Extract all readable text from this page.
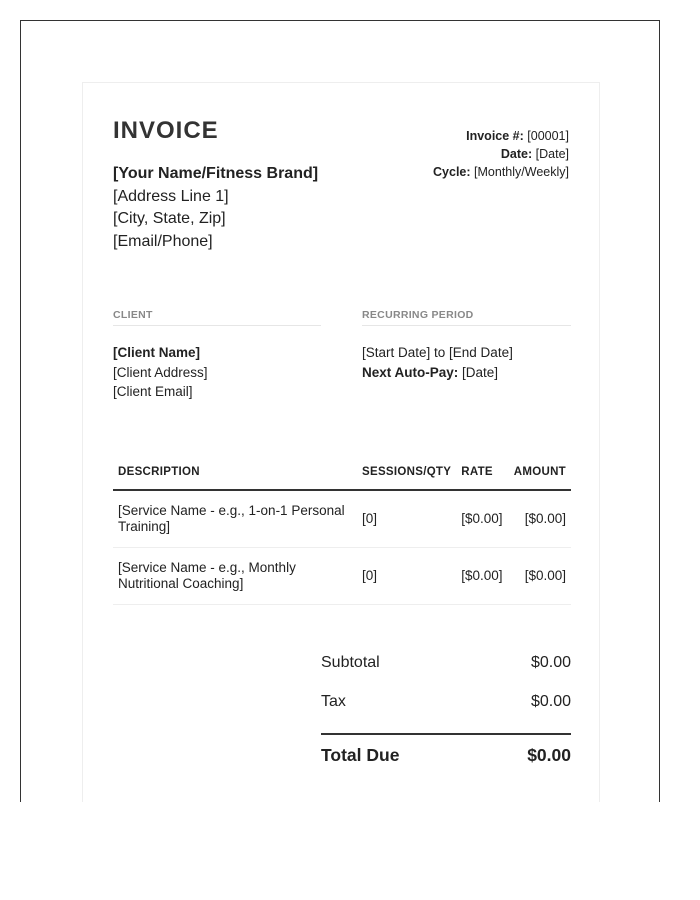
INVOICE
[Your Name/Fitness Brand]
[Address Line 1]
[City, State, Zip]
[Email/Phone]
Invoice #: [00001]
Date: [Date]
Cycle: [Monthly/Weekly]
CLIENT
[Client Name]
[Client Address]
[Client Email]
RECURRING PERIOD
[Start Date] to [End Date]
Next Auto-Pay: [Date]
DESCRIPTION	SESSIONS/QTY	RATE	AMOUNT
[Service Name - e.g., 1-on-1 Personal Training]	[0]	[$0.00]	[$0.00]
[Service Name - e.g., Monthly Nutritional Coaching]	[0]	[$0.00]	[$0.00]
Subtotal	$0.00
Tax	$0.00
Total Due	$0.00
